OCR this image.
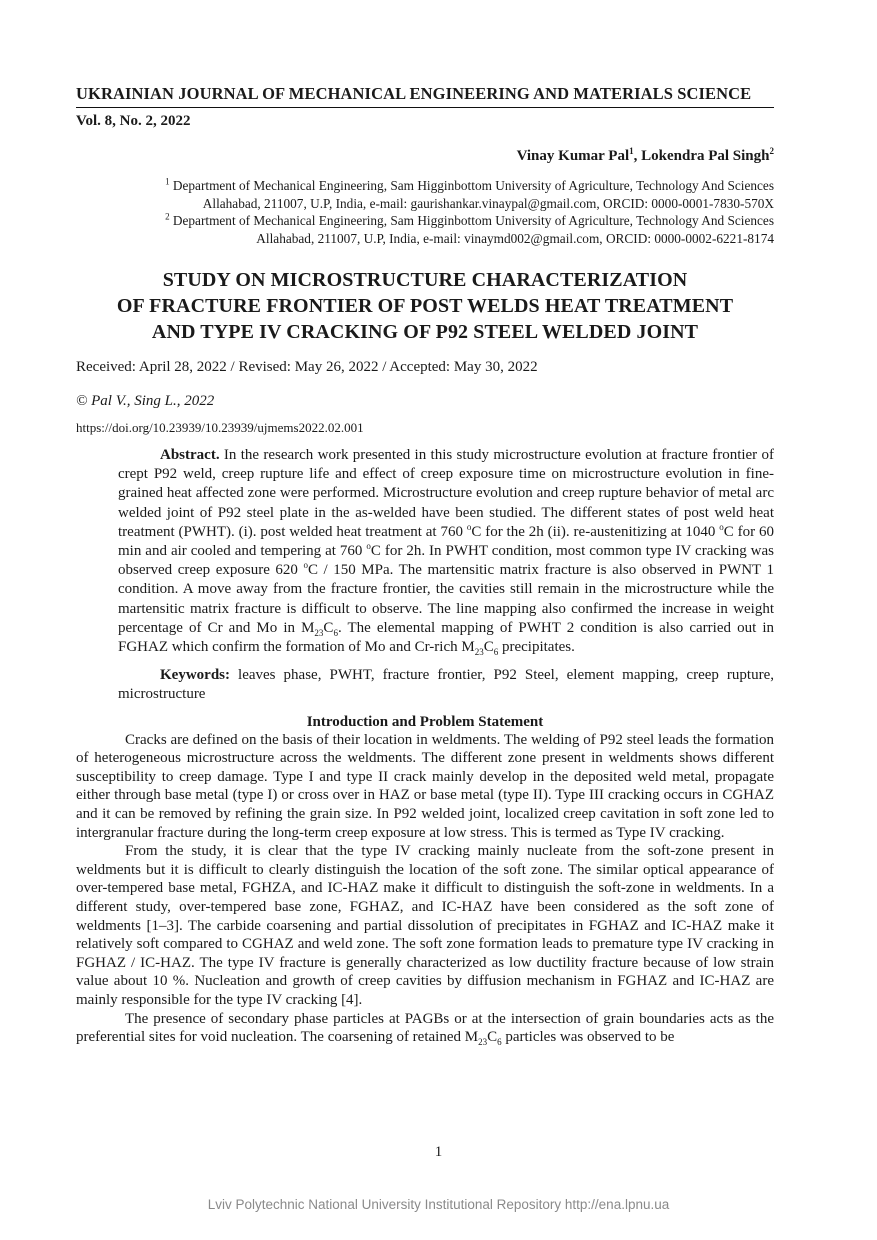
UKRAINIAN JOURNAL OF MECHANICAL ENGINEERING AND MATERIALS SCIENCE
Vol. 8, No. 2, 2022
Vinay Kumar Pal$^1$, Lokendra Pal Singh$^2$
$^1$ Department of Mechanical Engineering, Sam Higginbottom University of Agriculture, Technology And Sciences
Allahabad, 211007, U.P, India, e-mail: gaurishankar.vinaypal@gmail.com, ORCID: 0000-0001-7830-570X
$^2$ Department of Mechanical Engineering, Sam Higginbottom University of Agriculture, Technology And Sciences
Allahabad, 211007, U.P, India, e-mail: vinaymd002@gmail.com, ORCID: 0000-0002-6221-8174
STUDY ON MICROSTRUCTURE CHARACTERIZATION
OF FRACTURE FRONTIER OF POST WELDS HEAT TREATMENT
AND TYPE IV CRACKING OF P92 STEEL WELDED JOINT
Received: April 28, 2022 / Revised: May 26, 2022 / Accepted: May 30, 2022
© Pal V., Sing L., 2022
https://doi.org/10.23939/10.23939/ujmems2022.02.001
Abstract. In the research work presented in this study microstructure evolution at fracture frontier of crept P92 weld, creep rupture life and effect of creep exposure time on microstructure evolution in fine-grained heat affected zone were performed. Microstructure evolution and creep rupture behavior of metal arc welded joint of P92 steel plate in the as-welded have been studied. The different states of post weld heat treatment (PWHT). (i). post welded heat treatment at 760 $^o$C for the 2h (ii). re-austenitizing at 1040 $^o$C for 60 min and air cooled and tempering at 760 $^o$C for 2h. In PWHT condition, most common type IV cracking was observed creep exposure 620 $^o$C / 150 MPa. The martensitic matrix fracture is also observed in PWNT 1 condition. A move away from the fracture frontier, the cavities still remain in the microstructure while the martensitic matrix fracture is difficult to observe. The line mapping also confirmed the increase in weight percentage of Cr and Mo in $M_{23}C_6$. The elemental mapping of PWHT 2 condition is also carried out in FGHAZ which confirm the formation of Mo and Cr-rich $M_{23}C_6$ precipitates.
Keywords: leaves phase, PWHT, fracture frontier, P92 Steel, element mapping, creep rupture, microstructure
Introduction and Problem Statement
Cracks are defined on the basis of their location in weldments. The welding of P92 steel leads the formation of heterogeneous microstructure across the weldments. The different zone present in weldments shows different susceptibility to creep damage. Type I and type II crack mainly develop in the deposited weld metal, propagate either through base metal (type I) or cross over in HAZ or base metal (type II). Type III cracking occurs in CGHAZ and it can be removed by refining the grain size. In P92 welded joint, localized creep cavitation in soft zone led to intergranular fracture during the long-term creep exposure at low stress. This is termed as Type IV cracking.
From the study, it is clear that the type IV cracking mainly nucleate from the soft-zone present in weldments but it is difficult to clearly distinguish the location of the soft zone. The similar optical appearance of over-tempered base metal, FGHZA, and IC-HAZ make it difficult to distinguish the soft-zone in weldments. In a different study, over-tempered base zone, FGHAZ, and IC-HAZ have been considered as the soft zone of weldments [1–3]. The carbide coarsening and partial dissolution of precipitates in FGHAZ and IC-HAZ make it relatively soft compared to CGHAZ and weld zone. The soft zone formation leads to premature type IV cracking in FGHAZ / IC-HAZ. The type IV fracture is generally characterized as low ductility fracture because of low strain value about 10 %. Nucleation and growth of creep cavities by diffusion mechanism in FGHAZ and IC-HAZ are mainly responsible for the type IV cracking [4].
The presence of secondary phase particles at PAGBs or at the intersection of grain boundaries acts as the preferential sites for void nucleation. The coarsening of retained $M_{23}C_6$ particles was observed to be
1
Lviv Polytechnic National University Institutional Repository http://ena.lpnu.ua
